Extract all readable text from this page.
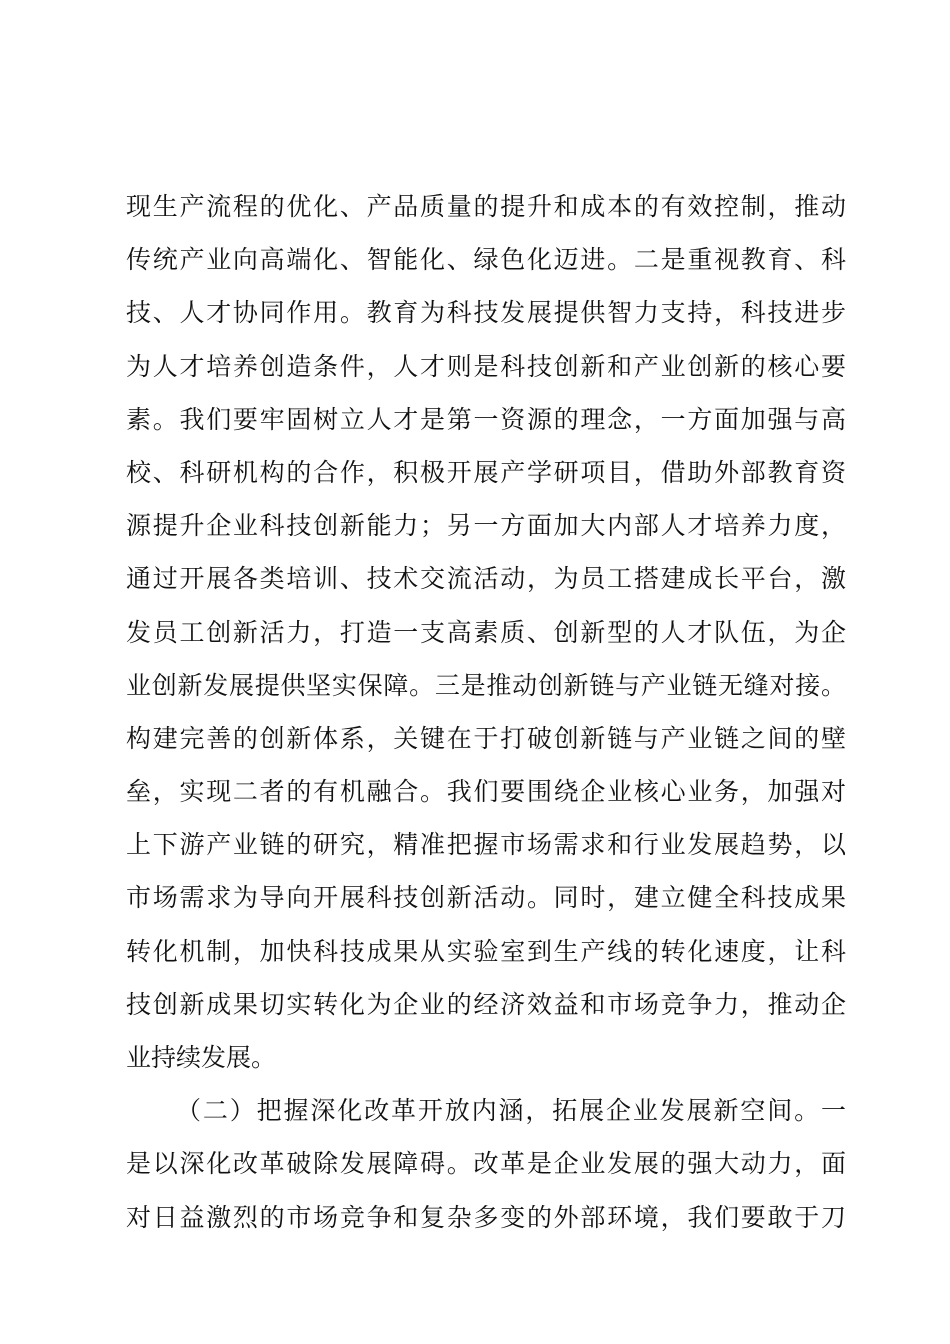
现生产流程的优化、产品质量的提升和成本的有效控制，推动
传统产业向高端化、智能化、绿色化迈进。二是重视教育、科
技、人才协同作用。教育为科技发展提供智力支持，科技进步
为人才培养创造条件，人才则是科技创新和产业创新的核心要
素。我们要牢固树立人才是第一资源的理念，一方面加强与高
校、科研机构的合作，积极开展产学研项目，借助外部教育资
源提升企业科技创新能力；另一方面加大内部人才培养力度，
通过开展各类培训、技术交流活动，为员工搭建成长平台，激
发员工创新活力，打造一支高素质、创新型的人才队伍，为企
业创新发展提供坚实保障。三是推动创新链与产业链无缝对接。
构建完善的创新体系，关键在于打破创新链与产业链之间的壁
垒，实现二者的有机融合。我们要围绕企业核心业务，加强对
上下游产业链的研究，精准把握市场需求和行业发展趋势，以
市场需求为导向开展科技创新活动。同时，建立健全科技成果
转化机制，加快科技成果从实验室到生产线的转化速度，让科
技创新成果切实转化为企业的经济效益和市场竞争力，推动企
业持续发展。
（二）把握深化改革开放内涵，拓展企业发展新空间。一
是以深化改革破除发展障碍。改革是企业发展的强大动力，面
对日益激烈的市场竞争和复杂多变的外部环境，我们要敢于刀
